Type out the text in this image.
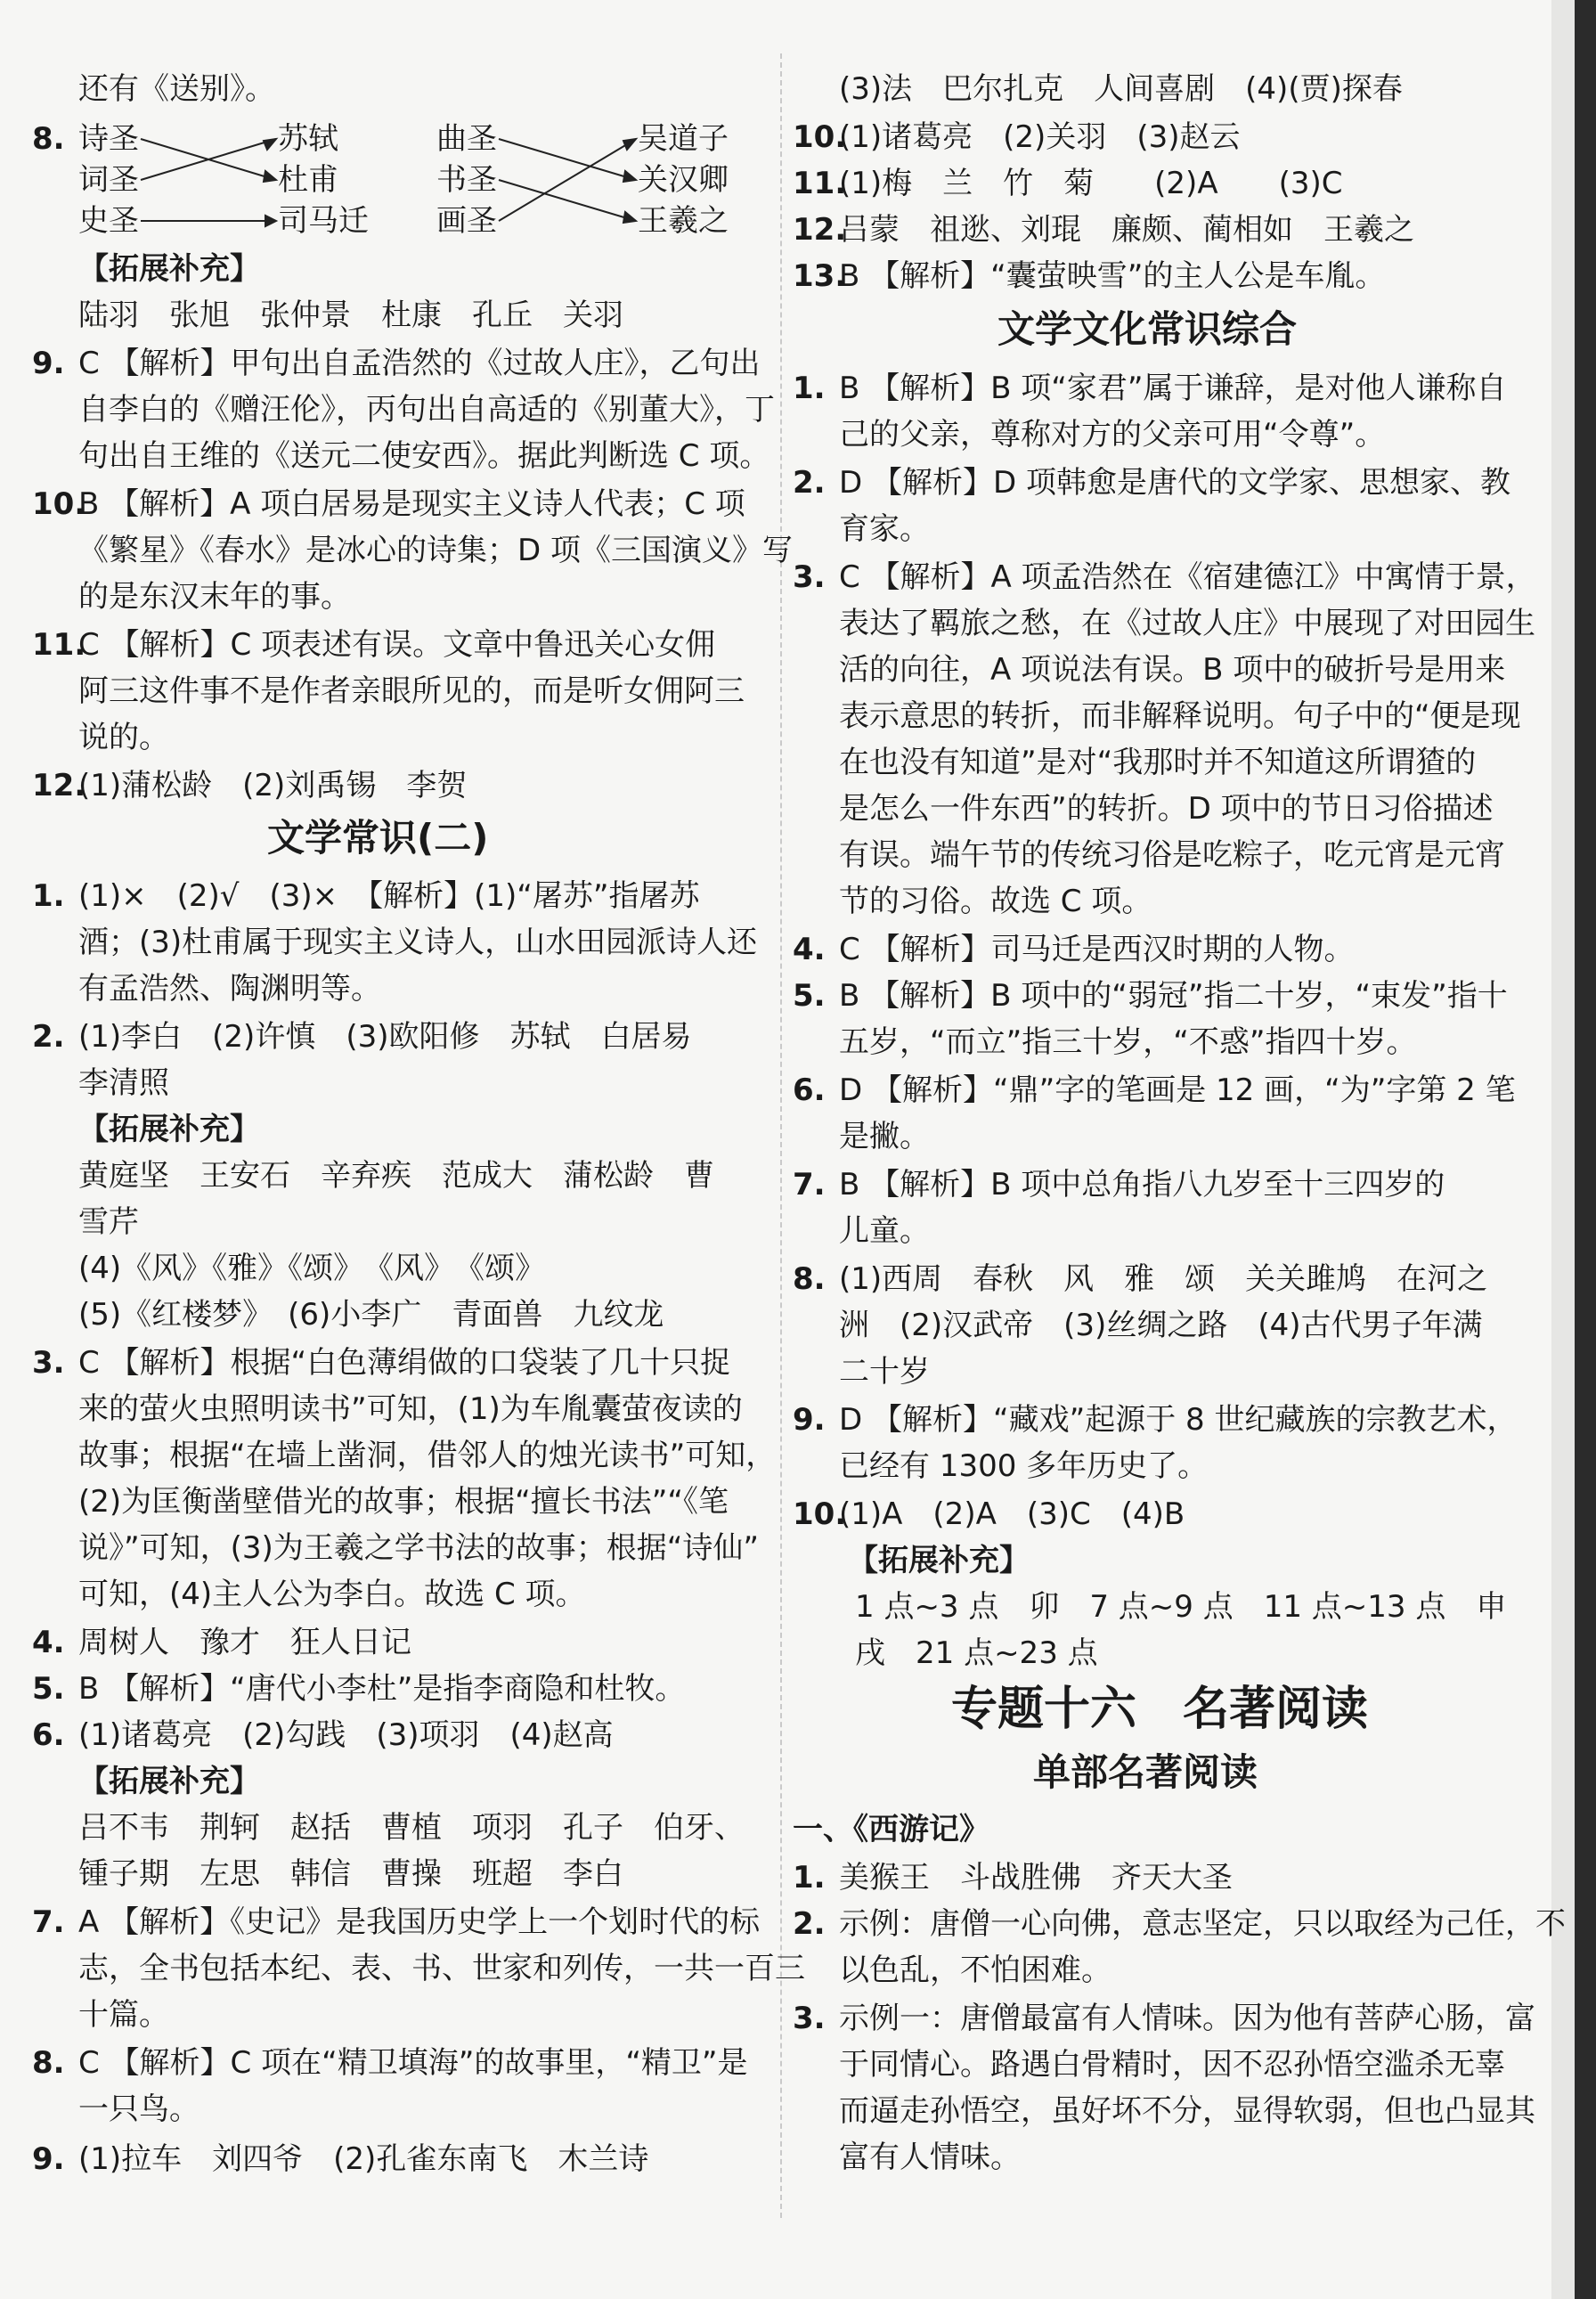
还有《送别》。
8. 诗圣
词圣
史圣
苏轼
杜甫
司马迁
曲圣
书圣
画圣
吴道子
关汉卿
王羲之
【拓展补充】
陆羽　张旭　张仲景　杜康　孔丘　关羽
9. C 【解析】甲句出自孟浩然的《过故人庄》，乙句出
自李白的《赠汪伦》，丙句出自高适的《别董大》，丁
句出自王维的《送元二使安西》。据此判断选 C 项。
10.
B 【解析】A 项白居易是现实主义诗人代表；C 项
《繁星》《春水》是冰心的诗集；D 项《三国演义》写
的是东汉末年的事。
11.
C 【解析】C 项表述有误。文章中鲁迅关心女佣
阿三这件事不是作者亲眼所见的，而是听女佣阿三
说的。
12.
(1)蒲松龄　(2)刘禹锡　李贺
文学常识(二)
1. (1)×　(2)√　(3)×　【解析】(1)“屠苏”指屠苏
酒；(3)杜甫属于现实主义诗人，山水田园派诗人还
有孟浩然、陶渊明等。
2. (1)李白　(2)许慎　(3)欧阳修　苏轼　白居易
李清照
【拓展补充】
黄庭坚　王安石　辛弃疾　范成大　蒲松龄　曹
雪芹
(4)《风》《雅》《颂》　《风》　《颂》
(5)《红楼梦》　(6)小李广　青面兽　九纹龙
3. C 【解析】根据“白色薄绢做的口袋装了几十只捉
来的萤火虫照明读书”可知，(1)为车胤囊萤夜读的
故事；根据“在墙上凿洞，借邻人的烛光读书”可知，
(2)为匡衡凿壁借光的故事；根据“擅长书法”“《笔
说》”可知，(3)为王羲之学书法的故事；根据“诗仙”
可知，(4)主人公为李白。故选 C 项。
4. 周树人　豫才　狂人日记
5. B 【解析】“唐代小李杜”是指李商隐和杜牧。
6. (1)诸葛亮　(2)勾践　(3)项羽　(4)赵高
【拓展补充】
吕不韦　荆轲　赵括　曹植　项羽　孔子　伯牙、
锺子期　左思　韩信　曹操　班超　李白
7. A 【解析】《史记》是我国历史学上一个划时代的标
志，全书包括本纪、表、书、世家和列传，一共一百三
十篇。
8. C 【解析】C 项在“精卫填海”的故事里，“精卫”是
一只鸟。
9. (1)拉车　刘四爷　(2)孔雀东南飞　木兰诗
(3)法　巴尔扎克　人间喜剧　(4)(贾)探春
10.
(1)诸葛亮　(2)关羽　(3)赵云
11.
(1)梅　兰　竹　菊　　(2)A　　(3)C
12.
吕蒙　祖逖、刘琨　廉颇、蔺相如　王羲之
13.
B 【解析】“囊萤映雪”的主人公是车胤。
文学文化常识综合
1. B 【解析】B 项“家君”属于谦辞，是对他人谦称自
己的父亲，尊称对方的父亲可用“令尊”。
2. D 【解析】D 项韩愈是唐代的文学家、思想家、教
育家。
3. C 【解析】A 项孟浩然在《宿建德江》中寓情于景，
表达了羁旅之愁，在《过故人庄》中展现了对田园生
活的向往，A 项说法有误。B 项中的破折号是用来
表示意思的转折，而非解释说明。句子中的“便是现
在也没有知道”是对“我那时并不知道这所谓猹的
是怎么一件东西”的转折。D 项中的节日习俗描述
有误。端午节的传统习俗是吃粽子，吃元宵是元宵
节的习俗。故选 C 项。
4. C 【解析】司马迁是西汉时期的人物。
5. B 【解析】B 项中的“弱冠”指二十岁，“束发”指十
五岁，“而立”指三十岁，“不惑”指四十岁。
6. D 【解析】“鼎”字的笔画是 12 画，“为”字第 2 笔
是撇。
7. B 【解析】B 项中总角指八九岁至十三四岁的
儿童。
8. (1)西周　春秋　风　雅　颂　关关雎鸠　在河之
洲　(2)汉武帝　(3)丝绸之路　(4)古代男子年满
二十岁
9. D 【解析】“藏戏”起源于 8 世纪藏族的宗教艺术，
已经有 1300 多年历史了。
10.
(1)A　(2)A　(3)C　(4)B
【拓展补充】
1 点~3 点　卯　7 点~9 点　11 点~13 点　申
戌　21 点~23 点
专题十六　名著阅读
单部名著阅读
一、《西游记》
1. 美猴王　斗战胜佛　齐天大圣
2. 示例：唐僧一心向佛，意志坚定，只以取经为己任，不
以色乱，不怕困难。
3. 示例一：唐僧最富有人情味。因为他有菩萨心肠，富
于同情心。路遇白骨精时，因不忍孙悟空滥杀无辜
而逼走孙悟空，虽好坏不分，显得软弱，但也凸显其
富有人情味。
